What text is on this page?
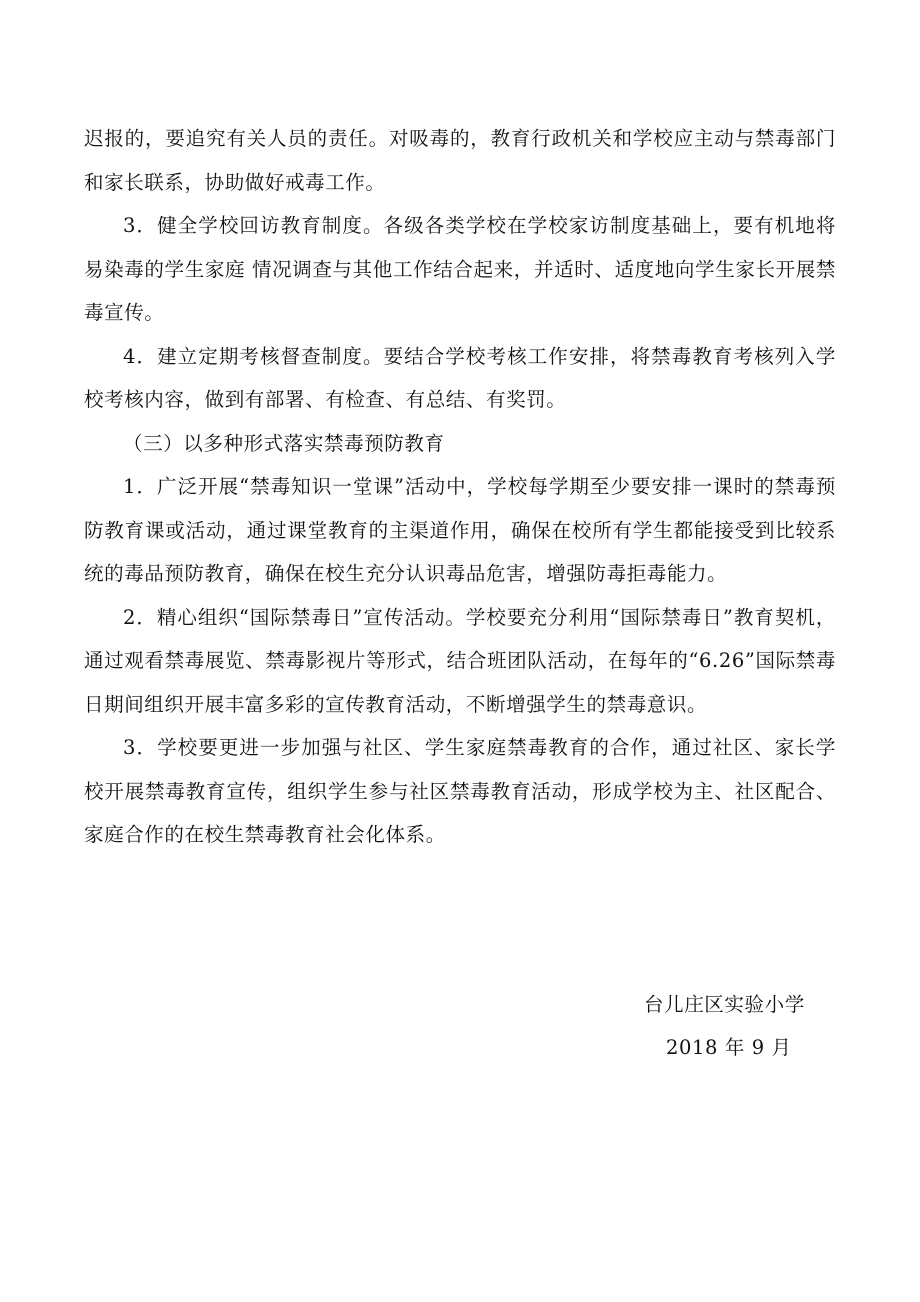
迟报的，要追究有关人员的责任。对吸毒的，教育行政机关和学校应主动与禁毒部门和家长联系，协助做好戒毒工作。

3．健全学校回访教育制度。各级各类学校在学校家访制度基础上，要有机地将易染毒的学生家庭 情况调查与其他工作结合起来，并适时、适度地向学生家长开展禁毒宣传。

4．建立定期考核督查制度。要结合学校考核工作安排，将禁毒教育考核列入学校考核内容，做到有部署、有检查、有总结、有奖罚。

（三）以多种形式落实禁毒预防教育

1．广泛开展“禁毒知识一堂课”活动中，学校每学期至少要安排一课时的禁毒预防教育课或活动，通过课堂教育的主渠道作用，确保在校所有学生都能接受到比较系统的毒品预防教育，确保在校生充分认识毒品危害，增强防毒拒毒能力。

2．精心组织“国际禁毒日”宣传活动。学校要充分利用“国际禁毒日”教育契机，通过观看禁毒展览、禁毒影视片等形式，结合班团队活动，在每年的“6.26”国际禁毒日期间组织开展丰富多彩的宣传教育活动，不断增强学生的禁毒意识。

3．学校要更进一步加强与社区、学生家庭禁毒教育的合作，通过社区、家长学校开展禁毒教育宣传，组织学生参与社区禁毒教育活动，形成学校为主、社区配合、家庭合作的在校生禁毒教育社会化体系。

台儿庄区实验小学
2018 年 9 月
